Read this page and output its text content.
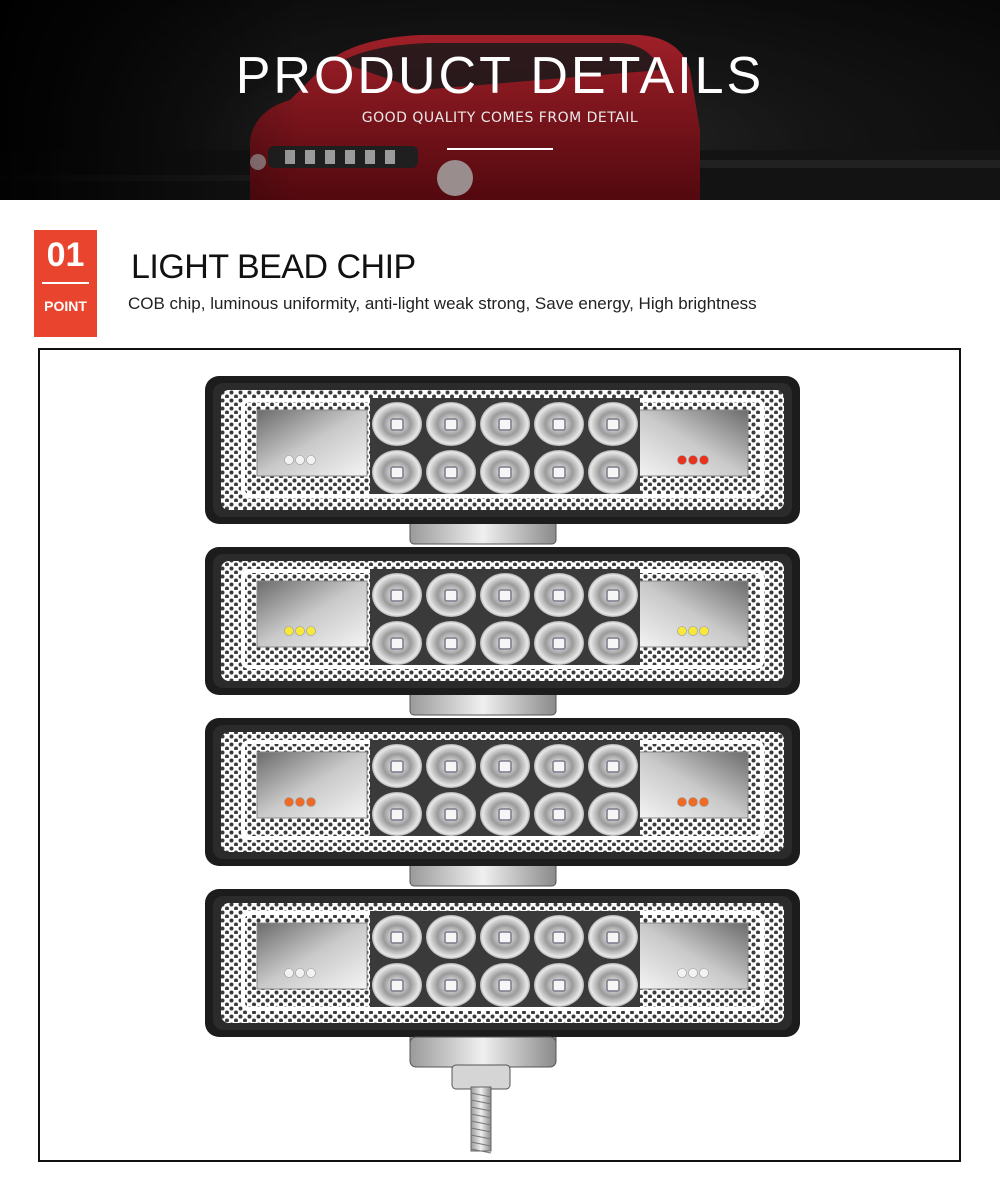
PRODUCT DETAILS
GOOD QUALITY COMES FROM DETAIL
01
POINT
LIGHT BEAD CHIP
COB chip, luminous uniformity, anti-light weak strong, Save energy, High brightness
